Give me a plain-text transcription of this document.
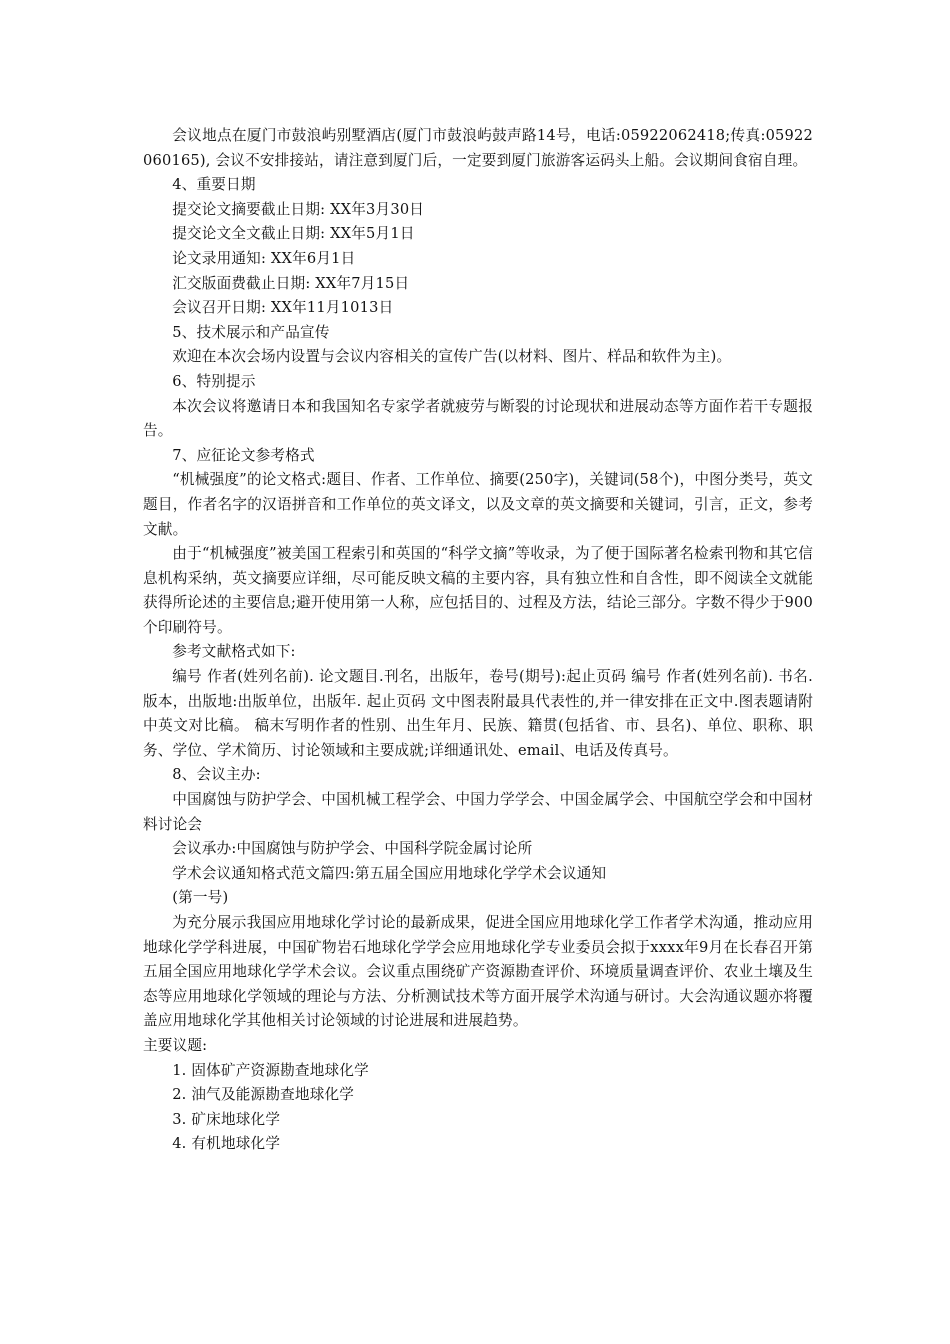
会议地点在厦门市鼓浪屿别墅酒店(厦门市鼓浪屿鼓声路14号，电话:05922062418;传真:05922060165), 会议不安排接站，请注意到厦门后，一定要到厦门旅游客运码头上船。会议期间食宿自理。

4、重要日期

提交论文摘要截止日期: XX年3月30日

提交论文全文截止日期: XX年5月1日

论文录用通知: XX年6月1日

汇交版面费截止日期: XX年7月15日

会议召开日期: XX年11月1013日

5、技术展示和产品宣传

欢迎在本次会场内设置与会议内容相关的宣传广告(以材料、图片、样品和软件为主)。

6、特别提示

本次会议将邀请日本和我国知名专家学者就疲劳与断裂的讨论现状和进展动态等方面作若干专题报告。

7、应征论文参考格式

“机械强度”的论文格式:题目、作者、工作单位、摘要(250字)，关键词(58个)，中图分类号，英文题目，作者名字的汉语拼音和工作单位的英文译文，以及文章的英文摘要和关键词，引言，正文，参考文献。

由于“机械强度”被美国工程索引和英国的“科学文摘”等收录，为了便于国际著名检索刊物和其它信息机构采纳，英文摘要应详细，尽可能反映文稿的主要内容，具有独立性和自含性，即不阅读全文就能获得所论述的主要信息;避开使用第一人称，应包括目的、过程及方法，结论三部分。字数不得少于900个印刷符号。

参考文献格式如下:

编号 作者(姓列名前). 论文题目.刊名，出版年，卷号(期号):起止页码 编号 作者(姓列名前). 书名.版本，出版地:出版单位，出版年. 起止页码 文中图表附最具代表性的,并一律安排在正文中.图表题请附中英文对比稿。 稿末写明作者的性别、出生年月、民族、籍贯(包括省、市、县名)、单位、职称、职务、学位、学术简历、讨论领域和主要成就;详细通讯处、email、电话及传真号。

8、会议主办:

中国腐蚀与防护学会、中国机械工程学会、中国力学学会、中国金属学会、中国航空学会和中国材料讨论会

会议承办:中国腐蚀与防护学会、中国科学院金属讨论所

学术会议通知格式范文篇四:第五届全国应用地球化学学术会议通知

(第一号)

为充分展示我国应用地球化学讨论的最新成果，促进全国应用地球化学工作者学术沟通，推动应用地球化学学科进展，中国矿物岩石地球化学学会应用地球化学专业委员会拟于xxxx年9月在长春召开第五届全国应用地球化学学术会议。会议重点围绕矿产资源勘查评价、环境质量调查评价、农业土壤及生态等应用地球化学领域的理论与方法、分析测试技术等方面开展学术沟通与研讨。大会沟通议题亦将覆盖应用地球化学其他相关讨论领域的讨论进展和进展趋势。

主要议题:

1. 固体矿产资源勘查地球化学

2. 油气及能源勘查地球化学

3. 矿床地球化学

4. 有机地球化学
